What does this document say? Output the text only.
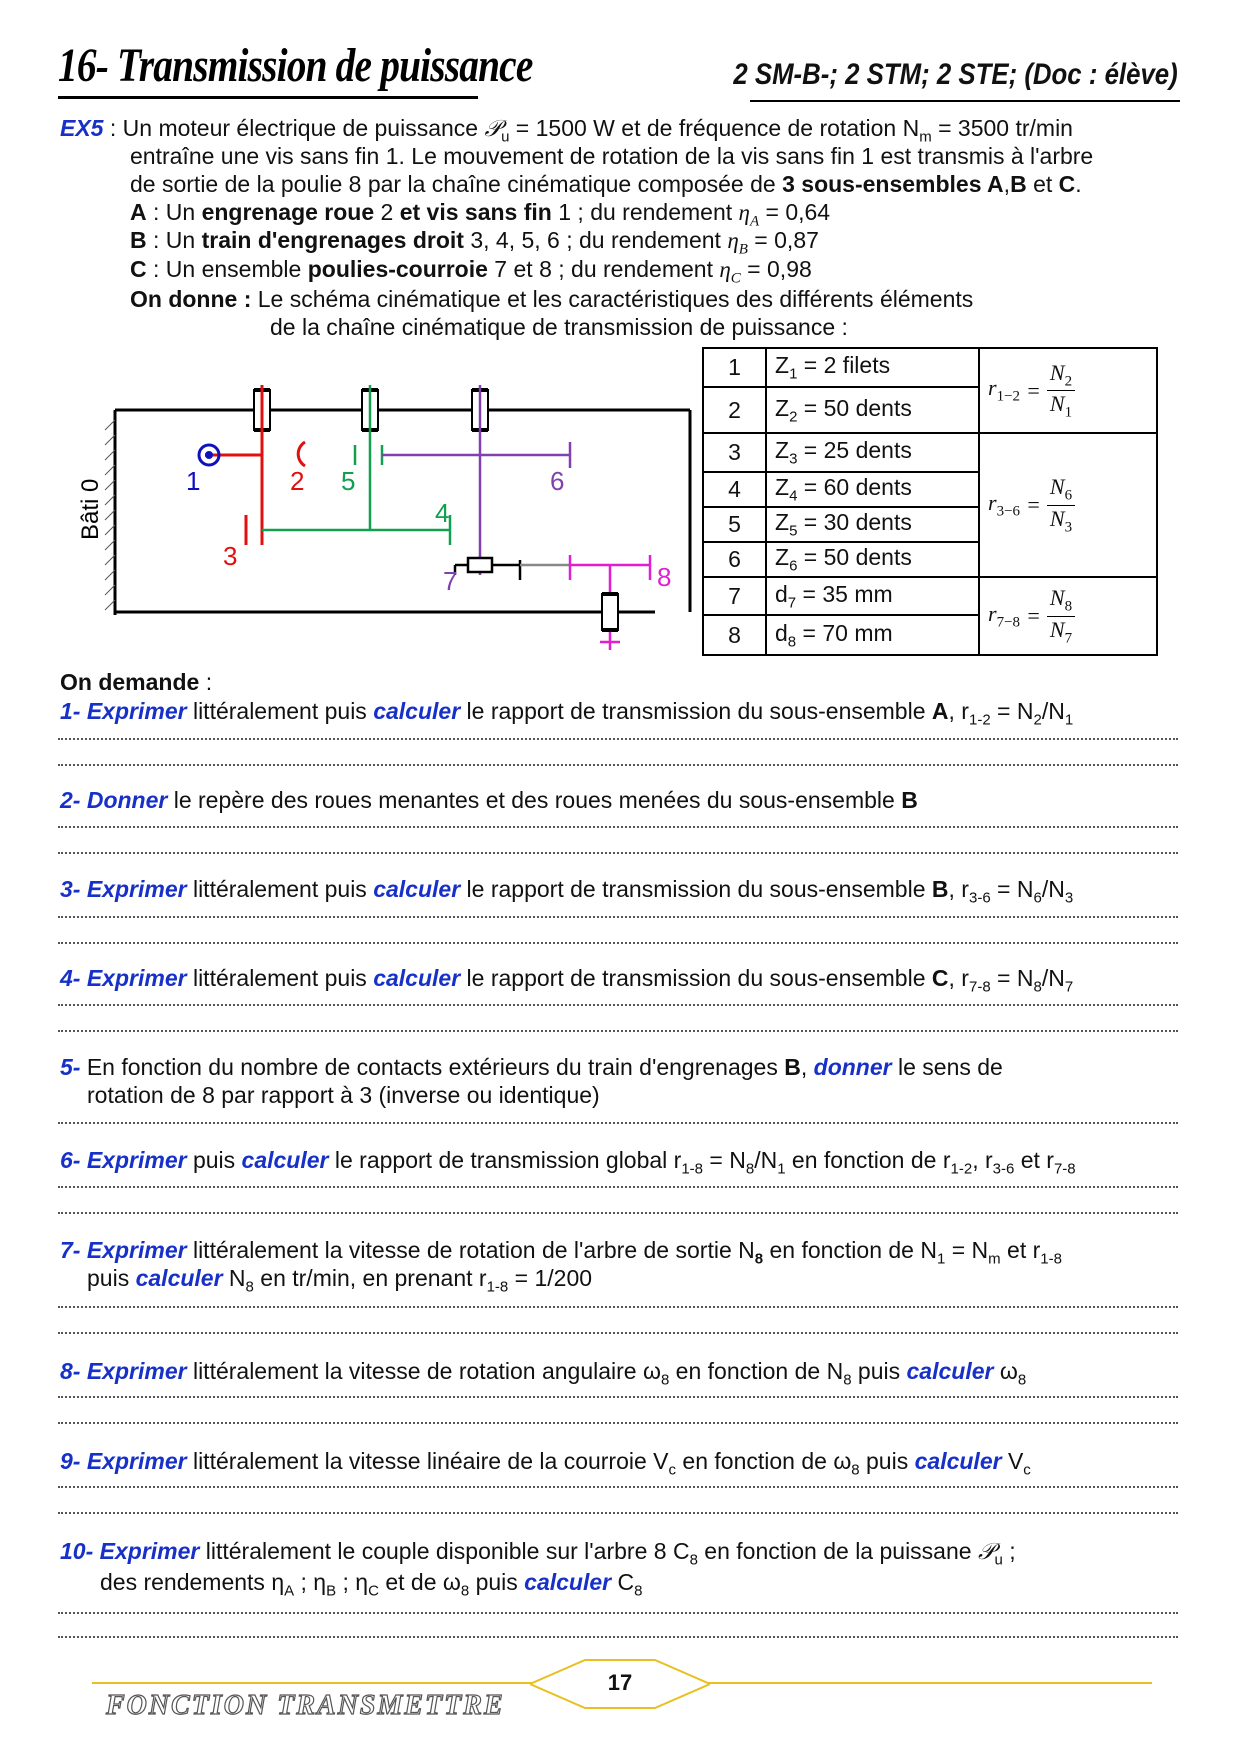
16- Transmission de puissance	2 SM-B-; 2 STM; 2 STE; (Doc : élève)
EX5 : Un moteur électrique de puissance 𝒫$_u$ = 1500 W et de fréquence de rotation $N_m = 3500$ tr/min
entraîne une vis sans fin 1. Le mouvement de rotation de la vis sans fin 1 est transmis à l'arbre
de sortie de la poulie 8 par la chaîne cinématique composée de 3 sous-ensembles A,B et C.
A : Un engrenage roue 2 et vis sans fin 1 ; du rendement $\eta_A = 0,64$
B : Un train d'engrenages droit 3, 4, 5, 6 ; du rendement $\eta_B = 0,87$
C : Un ensemble poulies-courroie 7 et 8 ; du rendement $\eta_C = 0,98$
On donne : Le schéma cinématique et les caractéristiques des différents éléments
de la chaîne cinématique de transmission de puissance :
Bâti 0	1	2 5	6
4
3
7	8
1	$Z_1 = 2$ filets	$r_{1-2} = \frac{N_2}{N_1}$

2	$Z_2 = 50$ dents	
3	$Z_3 = 25$ dents	$r_{3-6} = \frac{N_6}{N_3}$

4	$Z_4 = 60$ dents	
5	$Z_5 = 30$ dents	
6	$Z_6 = 50$ dents	
7	$d_7 = 35$ mm	$r_{7-8} = \frac{N_8}{N_7}$

8	$d_8 = 70$ mm	
On demande :
1- Exprimer littéralement puis calculer le rapport de transmission du sous-ensemble A, $r_{1-2} = N_2/N_1$
2- Donner le repère des roues menantes et des roues menées du sous-ensemble B
3- Exprimer littéralement puis calculer le rapport de transmission du sous-ensemble B, $r_{3-6} = N_6/N_3$
4- Exprimer littéralement puis calculer le rapport de transmission du sous-ensemble C, $r_{7-8} = N_8/N_7$
5- En fonction du nombre de contacts extérieurs du train d'engrenages B, donner le sens de
rotation de 8 par rapport à 3 (inverse ou identique)
6- Exprimer puis calculer le rapport de transmission global $r_{1-8} = N_8/N_1$ en fonction de $r_{1-2}$, $r_{3-6}$ et $r_{7-8}$
7- Exprimer littéralement la vitesse de rotation de l'arbre de sortie $N_8$ en fonction de $N_1 = N_m$ et $r_{1-8}$
puis calculer $N_8$ en tr/min, en prenant $r_{1-8} = 1/200$
8- Exprimer littéralement la vitesse de rotation angulaire $\omega_8$ en fonction de $N_8$ puis calculer $\omega_8$
9- Exprimer littéralement la vitesse linéaire de la courroie $V_c$ en fonction de $\omega_8$ puis calculer $V_c$
10- Exprimer littéralement le couple disponible sur l'arbre 8 $C_8$ en fonction de la puissane 𝒫$_u$ ;
des rendements $\eta_A$ ; $\eta_B$ ; $\eta_C$ et de $\omega_8$ puis calculer $C_8$
17
FONCTION TRANSMETTRE
